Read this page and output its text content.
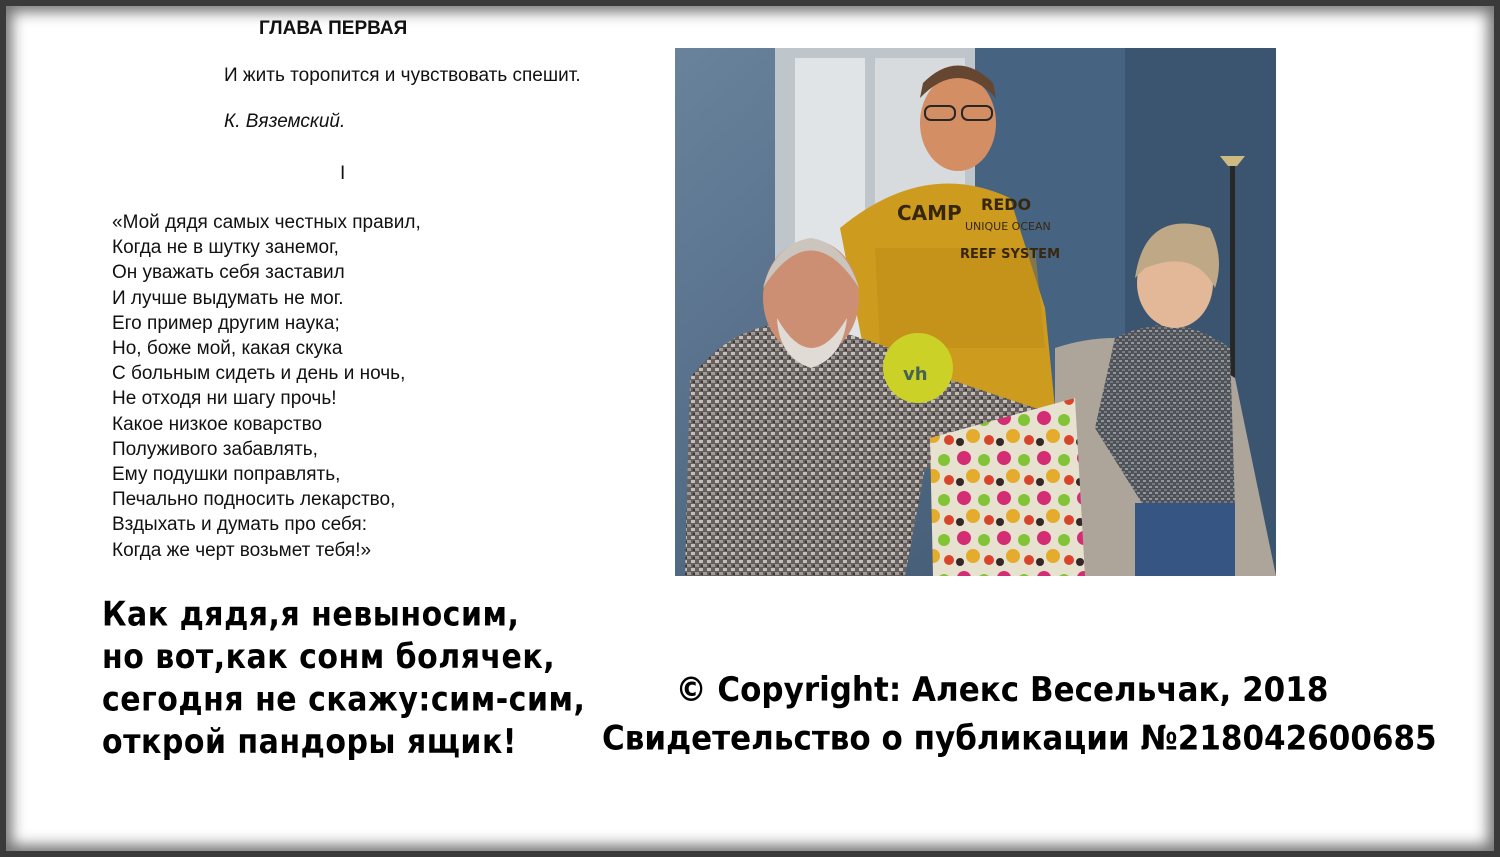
ГЛАВА ПЕРВАЯ
И жить торопится и чувствовать спешит.
К. Вяземский.
I
«Мой дядя самых честных правил,
Когда не в шутку занемог,
Он уважать себя заставил
И лучше выдумать не мог.
Его пример другим наука;
Но, боже мой, какая скука
С больным сидеть и день и ночь,
Не отходя ни шагу прочь!
Какое низкое коварство
Полуживого забавлять,
Ему подушки поправлять,
Печально подносить лекарство,
Вздыхать и думать про себя:
Когда же черт возьмет тебя!»
CAMP REDO
UNIQUE OCEAN
REEF SYSTEM
vh
Как дядя,я невыносим,
но вот,как сонм болячек,
сегодня не скажу:сим-сим,
открой пандоры ящик!
© Copyright: Алекс Весельчак, 2018
Свидетельство о публикации №218042600685
